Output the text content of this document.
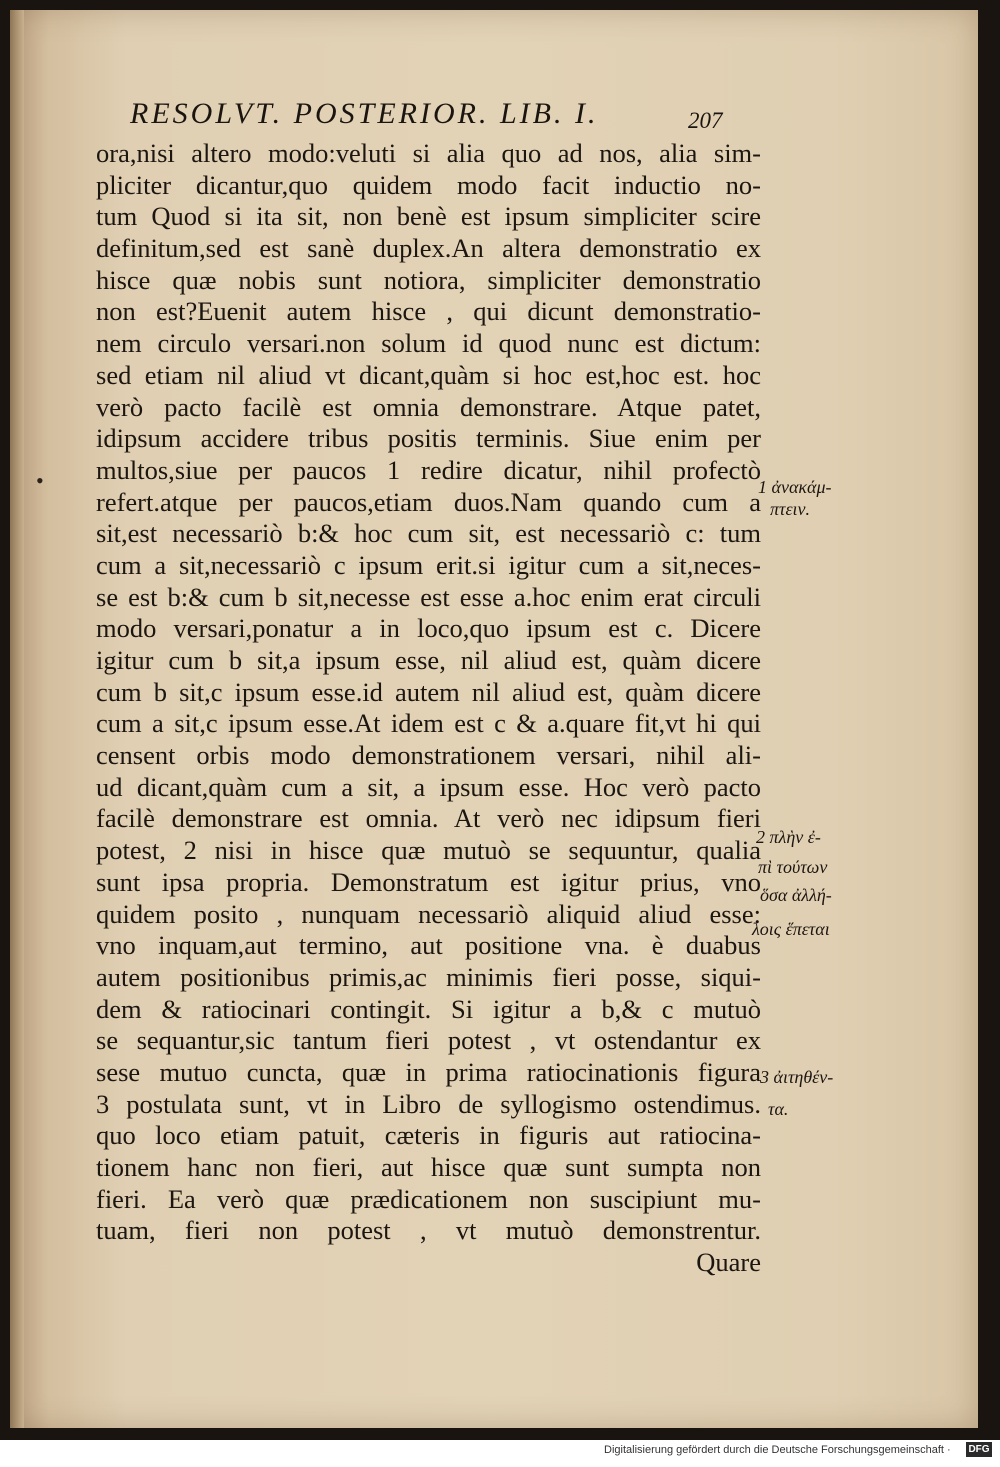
RESOLVT. POSTERIOR. LIB. I.	207
•
ora,nisi altero modo:veluti si alia quo ad nos, alia sim-
pliciter dicantur,quo quidem modo facit inductio no-
tum Quod si ita sit, non benè est ipsum simpliciter scire
definitum,sed est sanè duplex.An altera demonstratio ex
hisce quæ nobis sunt notiora, simpliciter demonstratio
non est?Euenit autem hisce , qui dicunt demonstratio-
nem circulo versari.non solum id quod nunc est dictum:
sed etiam nil aliud vt dicant,quàm si hoc est,hoc est. hoc
verò pacto facilè est omnia demonstrare. Atque patet,
idipsum accidere tribus positis terminis. Siue enim per
multos,siue per paucos 1 redire dicatur, nihil profectò
refert.atque per paucos,etiam duos.Nam quando cum a
sit,est necessariò b:& hoc cum sit, est necessariò c: tum
cum a sit,necessariò c ipsum erit.si igitur cum a sit,neces-
se est b:& cum b sit,necesse est esse a.hoc enim erat circuli
modo versari,ponatur a in loco,quo ipsum est c. Dicere
igitur cum b sit,a ipsum esse, nil aliud est, quàm dicere
cum b sit,c ipsum esse.id autem nil aliud est, quàm dicere
cum a sit,c ipsum esse.At idem est c & a.quare fit,vt hi qui
censent orbis modo demonstrationem versari, nihil ali-
ud dicant,quàm cum a sit, a ipsum esse. Hoc verò pacto
facilè demonstrare est omnia. At verò nec idipsum fieri
potest, 2 nisi in hisce quæ mutuò se sequuntur, qualia
sunt ipsa propria. Demonstratum est igitur prius, vno
quidem posito , nunquam necessariò aliquid aliud esse:
vno inquam,aut termino, aut positione vna. è duabus
autem positionibus primis,ac minimis fieri posse, siqui-
dem & ratiocinari contingit. Si igitur a b,& c mutuò
se sequantur,sic tantum fieri potest , vt ostendantur ex
sese mutuo cuncta, quæ in prima ratiocinationis figura
3 postulata sunt, vt in Libro de syllogismo ostendimus.
quo loco etiam patuit, cæteris in figuris aut ratiocina-
tionem hanc non fieri, aut hisce quæ sunt sumpta non
fieri. Ea verò quæ prædicationem non suscipiunt mu-
tuam, fieri non potest , vt mutuò demonstrentur.
Quare
1 ἀνακάμ-
πτειν.
2 πλὴν ἐ-
πὶ τούτων
ὅσα ἀλλή-
λοις ἕπεται
3 ἀιτηθέν-
τα.
Digitalisierung gefördert durch die Deutsche Forschungsgemeinschaft · DFG
